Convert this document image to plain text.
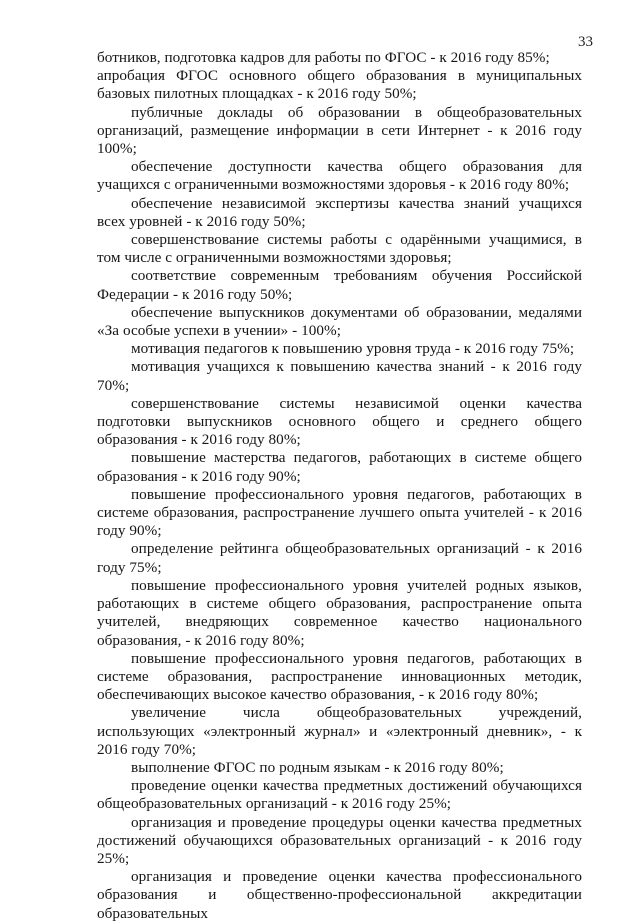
33

ботников, подготовка кадров для работы по ФГОС - к 2016 году 85%;

апробация ФГОС основного общего образования в муниципальных базовых пилотных площадках - к 2016 году 50%;

публичные доклады об образовании в общеобразовательных организаций, размещение информации в сети Интернет - к 2016 году 100%;

обеспечение доступности качества общего образования для учащихся с ограниченными возможностями здоровья - к 2016 году 80%;

обеспечение независимой экспертизы качества знаний учащихся всех уровней - к 2016 году 50%;

совершенствование системы работы с одарёнными учащимися, в том числе с ограниченными возможностями здоровья;

соответствие современным требованиям обучения Российской Федерации - к 2016 году 50%;

обеспечение выпускников документами об образовании, медалями «За особые успехи в учении» - 100%;

мотивация педагогов к повышению уровня труда - к 2016 году 75%;

мотивация учащихся к повышению качества знаний - к 2016 году 70%;

совершенствование системы независимой оценки качества подготовки выпускников основного общего и среднего общего образования - к 2016 году 80%;

повышение мастерства педагогов, работающих в системе общего образования - к 2016 году 90%;

повышение профессионального уровня педагогов, работающих в системе образования, распространение лучшего опыта учителей - к 2016 году 90%;

определение рейтинга общеобразовательных организаций - к 2016 году 75%;

повышение профессионального уровня учителей родных языков, работающих в системе общего образования, распространение опыта учителей, внедряющих современное качество национального образования, - к 2016 году 80%;

повышение профессионального уровня педагогов, работающих в системе образования, распространение инновационных методик, обеспечивающих высокое качество образования, - к 2016 году 80%;

увеличение числа общеобразовательных учреждений, использующих «электронный журнал» и «электронный дневник», - к 2016 году 70%;

выполнение ФГОС по родным языкам - к 2016 году 80%;

проведение оценки качества предметных достижений обучающихся общеобразовательных организаций - к 2016 году 25%;

организация и проведение процедуры оценки качества предметных достижений обучающихся образовательных организаций - к 2016 году 25%;

организация и проведение оценки качества профессионального образования и общественно-профессиональной аккредитации образовательных
